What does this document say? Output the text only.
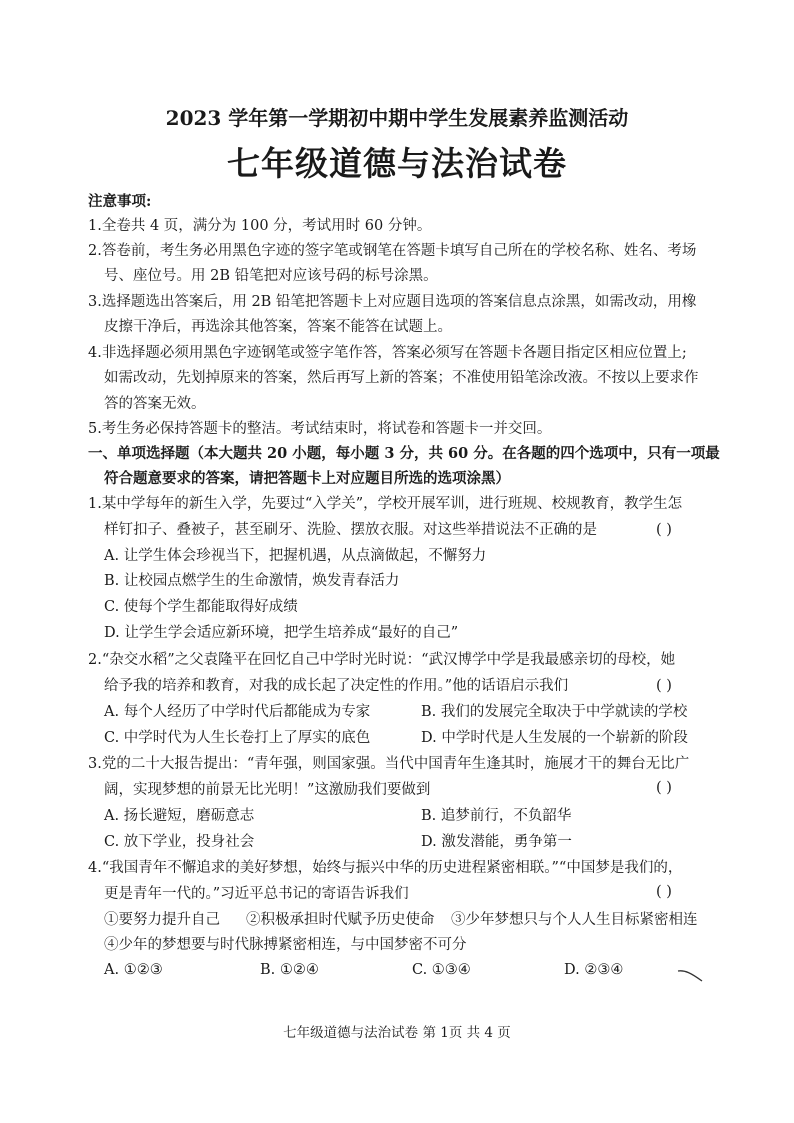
2023 学年第一学期初中期中学生发展素养监测活动
七年级道德与法治试卷
注意事项:
1.全卷共 4 页，满分为 100 分，考试用时 60 分钟。
2.答卷前，考生务必用黑色字迹的签字笔或钢笔在答题卡填写自己所在的学校名称、姓名、考场
号、座位号。用 2B 铅笔把对应该号码的标号涂黑。
3.选择题选出答案后，用 2B 铅笔把答题卡上对应题目选项的答案信息点涂黑，如需改动，用橡
皮擦干净后，再选涂其他答案，答案不能答在试题上。
4.非选择题必须用黑色字迹钢笔或签字笔作答，答案必须写在答题卡各题目指定区相应位置上;
如需改动，先划掉原来的答案，然后再写上新的答案；不准使用铅笔涂改液。不按以上要求作
答的答案无效。
5.考生务必保持答题卡的整洁。考试结束时，将试卷和答题卡一并交回。
一、单项选择题（本大题共 20 小题，每小题 3 分，共 60 分。在各题的四个选项中，只有一项最
符合题意要求的答案，请把答题卡上对应题目所选的选项涂黑）
1.某中学每年的新生入学，先要过“入学关”，学校开展军训，进行班规、校规教育，教学生怎
样钉扣子、叠被子，甚至刷牙、洗脸、摆放衣服。对这些举措说法不正确的是	( )
A. 让学生体会珍视当下，把握机遇，从点滴做起，不懈努力
B. 让校园点燃学生的生命激情，焕发青春活力
C. 使每个学生都能取得好成绩
D. 让学生学会适应新环境，把学生培养成“最好的自己”
2.“杂交水稻”之父袁隆平在回忆自己中学时光时说：“武汉博学中学是我最感亲切的母校，她
给予我的培养和教育，对我的成长起了决定性的作用。”他的话语启示我们	( )
A. 每个人经历了中学时代后都能成为专家	B. 我们的发展完全取决于中学就读的学校
C. 中学时代为人生长卷打上了厚实的底色	D. 中学时代是人生发展的一个崭新的阶段
3.党的二十大报告提出：“青年强，则国家强。当代中国青年生逢其时，施展才干的舞台无比广
阔，实现梦想的前景无比光明！”这激励我们要做到	( )
A. 扬长避短，磨砺意志	B. 追梦前行，不负韶华
C. 放下学业，投身社会	D. 激发潜能，勇争第一
4.“我国青年不懈追求的美好梦想，始终与振兴中华的历史进程紧密相联。”“中国梦是我们的，
更是青年一代的。”习近平总书记的寄语告诉我们	( )
①要努力提升自己 ②积极承担时代赋予历史使命 ③少年梦想只与个人人生目标紧密相连
④少年的梦想要与时代脉搏紧密相连，与中国梦密不可分
A. ①②③	B. ①②④	C. ①③④	D. ②③④
七年级道德与法治试卷 第 1页 共 4 页
